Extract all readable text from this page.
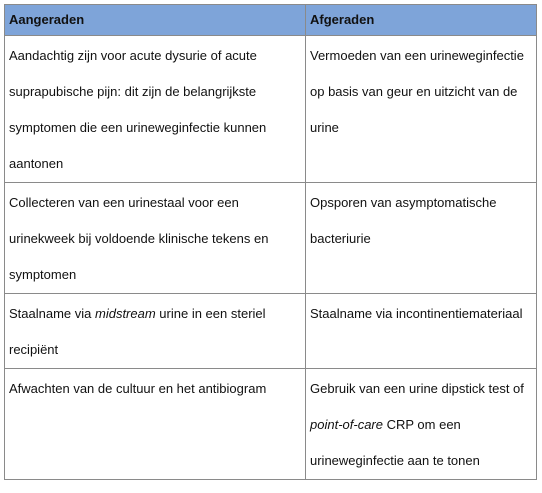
Aangeraden	Afgeraden
Aandachtig zijn voor acute dysurie of acute suprapubische pijn: dit zijn de belangrijkste symptomen die een urineweginfectie kunnen aantonen	Vermoeden van een urineweginfectie op basis van geur en uitzicht van de urine
Collecteren van een urinestaal voor een urinekweek bij voldoende klinische tekens en symptomen	Opsporen van asymptomatische bacteriurie
Staalname via midstream urine in een steriel recipiënt	Staalname via incontinentiemateriaal
Afwachten van de cultuur en het antibiogram	Gebruik van een urine dipstick test of point-of-care CRP om een urineweginfectie aan te tonen
